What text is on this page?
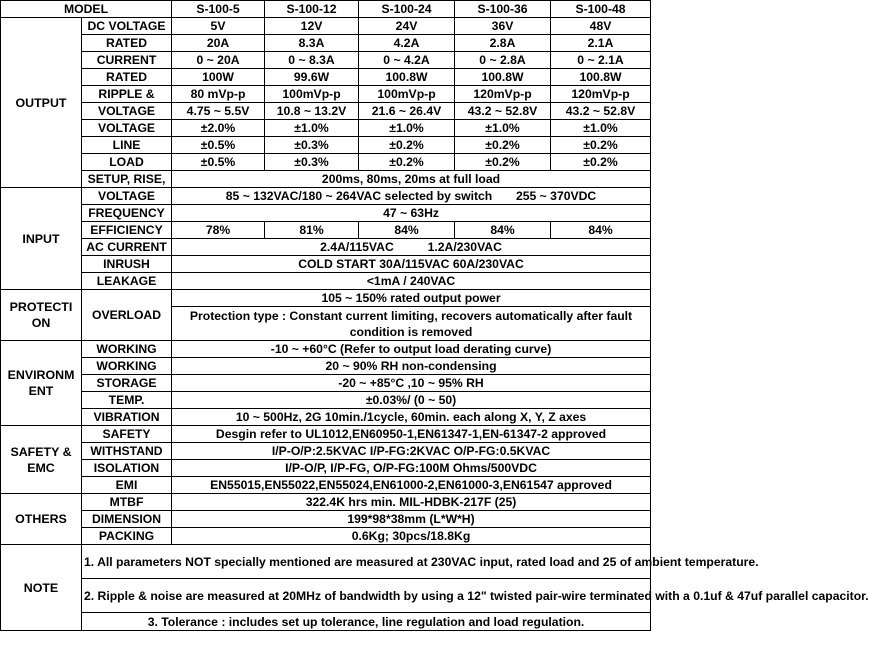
MODEL		S-100-5	S-100-12	S-100-24	S-100-36	S-100-48
OUTPUT	DC VOLTAGE	5V	12V	24V	36V	48V
	RATED	20A	8.3A	4.2A	2.8A	2.1A
	CURRENT	0 ~ 20A	0 ~ 8.3A	0 ~ 4.2A	0 ~ 2.8A	0 ~ 2.1A
	RATED	100W	99.6W	100.8W	100.8W	100.8W
	RIPPLE &	80 mVp-p	100mVp-p	100mVp-p	120mVp-p	120mVp-p
	VOLTAGE	4.75 ~ 5.5V	10.8 ~ 13.2V	21.6 ~ 26.4V	43.2 ~ 52.8V	43.2 ~ 52.8V
	VOLTAGE	±2.0%	±1.0%	±1.0%	±1.0%	±1.0%
	LINE	±0.5%	±0.3%	±0.2%	±0.2%	±0.2%
	LOAD	±0.5%	±0.3%	±0.2%	±0.2%	±0.2%
	SETUP, RISE,	200ms, 80ms, 20ms at full load				
INPUT	VOLTAGE	85 ~ 132VAC/180 ~ 264VAC selected by switch       255 ~ 370VDC				
	FREQUENCY	47 ~ 63Hz				
	EFFICIENCY	78%	81%	84%	84%	84%
	AC CURRENT	2.4A/115VAC          1.2A/230VAC				
	INRUSH	COLD START 30A/115VAC 60A/230VAC				
	LEAKAGE	<1mA / 240VAC				
PROTECTI ON	OVERLOAD	105 ~ 150% rated output power				
		Protection type : Constant current limiting, recovers automatically after fault condition is removed				
ENVIRONM ENT	WORKING	-10 ~ +60°C (Refer to output load derating curve)				
	WORKING	20 ~ 90% RH non-condensing				
	STORAGE	-20 ~ +85°C ,10 ~ 95% RH				
	TEMP.	±0.03%/ (0 ~ 50)				
	VIBRATION	10 ~ 500Hz, 2G 10min./1cycle, 60min. each along X, Y, Z axes				
SAFETY & EMC	SAFETY	Desgin refer to UL1012,EN60950-1,EN61347-1,EN-61347-2 approved				
	WITHSTAND	I/P-O/P:2.5KVAC I/P-FG:2KVAC O/P-FG:0.5KVAC				
	ISOLATION	I/P-O/P, I/P-FG, O/P-FG:100M Ohms/500VDC				
	EMI	EN55015,EN55022,EN55024,EN61000-2,EN61000-3,EN61547 approved				
OTHERS	MTBF	322.4K hrs min. MIL-HDBK-217F (25)				
	DIMENSION	199*98*38mm (L*W*H)				
	PACKING	0.6Kg; 30pcs/18.8Kg				
NOTE	1. All parameters NOT specially mentioned are measured at 230VAC input, rated load and 25 of ambient temperature.					
	2. Ripple & noise are measured at 20MHz of bandwidth by using a 12" twisted pair-wire terminated with a 0.1uf & 47uf parallel capacitor.					
	3. Tolerance : includes set up tolerance, line regulation and load regulation.					
